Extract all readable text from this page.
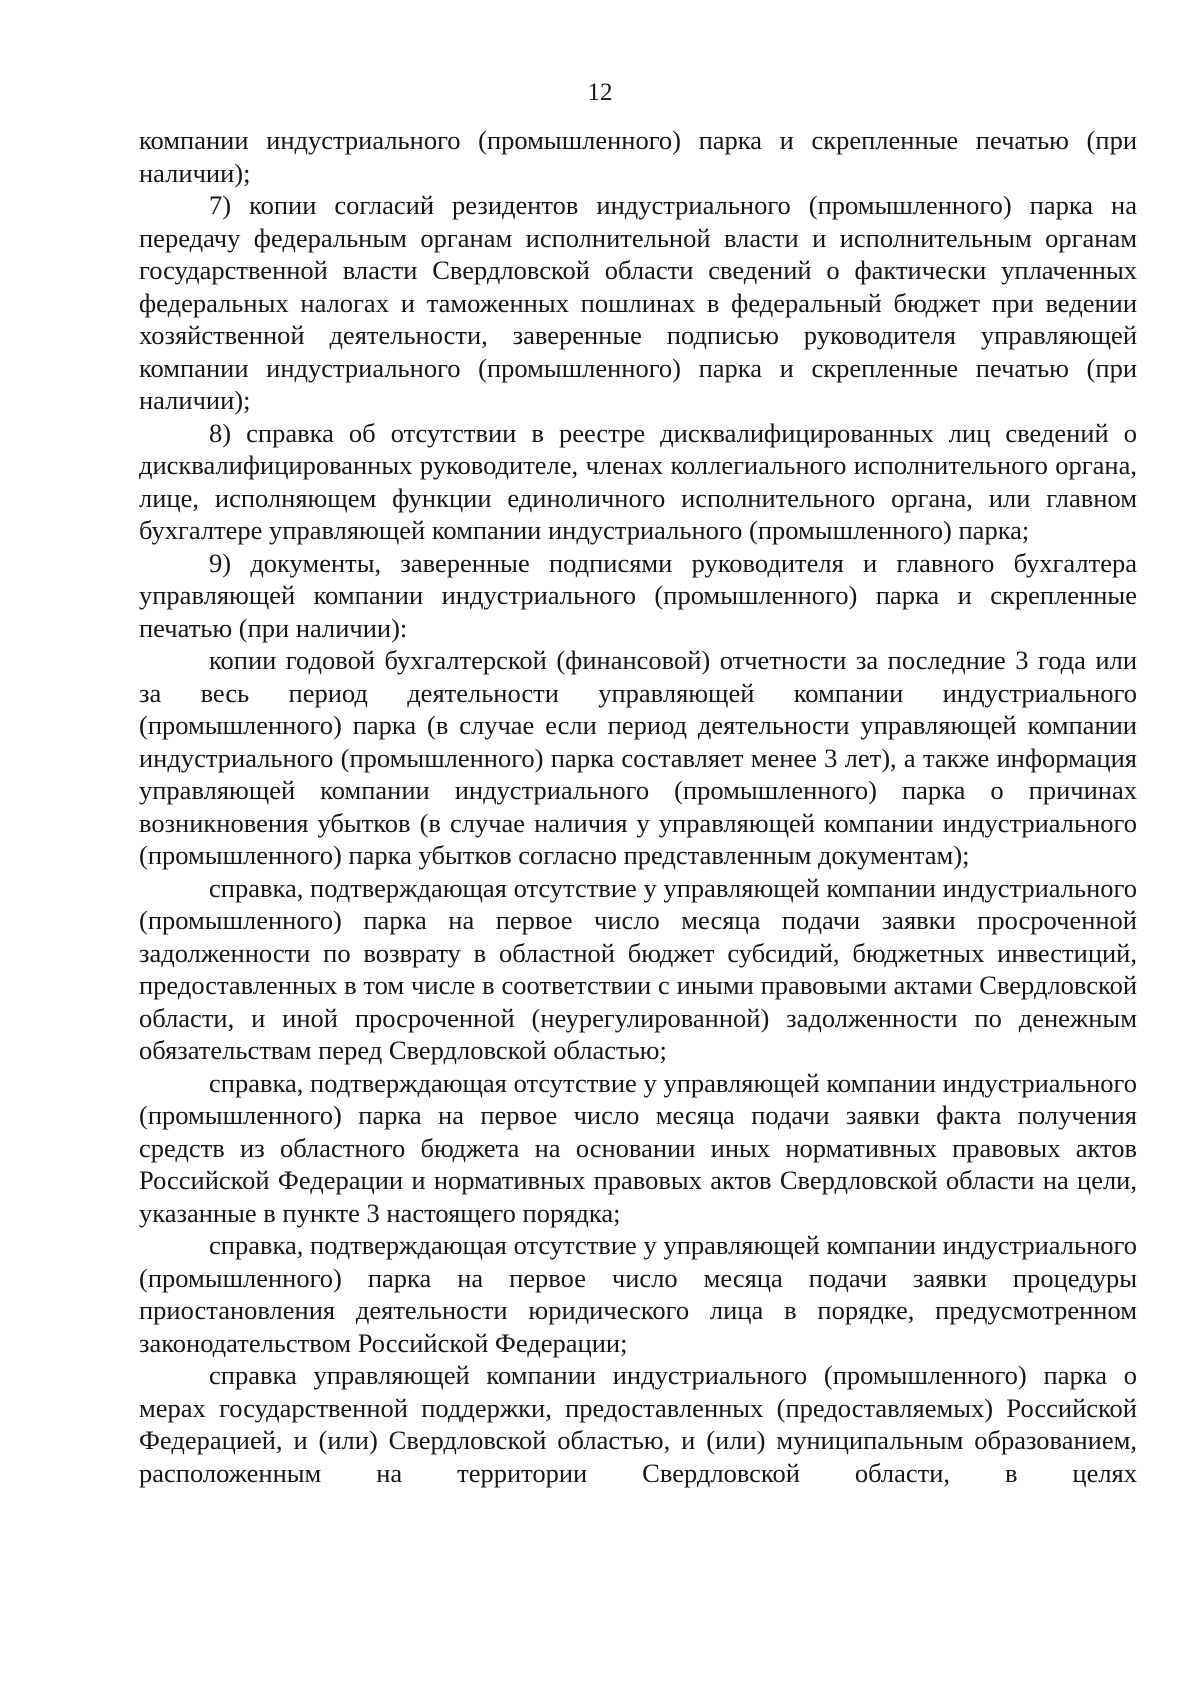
12

компании индустриального (промышленного) парка и скрепленные печатью (при наличии);

7) копии согласий резидентов индустриального (промышленного) парка на передачу федеральным органам исполнительной власти и исполнительным органам государственной власти Свердловской области сведений о фактически уплаченных федеральных налогах и таможенных пошлинах в федеральный бюджет при ведении хозяйственной деятельности, заверенные подписью руководителя управляющей компании индустриального (промышленного) парка и скрепленные печатью (при наличии);

8) справка об отсутствии в реестре дисквалифицированных лиц сведений о дисквалифицированных руководителе, членах коллегиального исполнительного органа, лице, исполняющем функции единоличного исполнительного органа, или главном бухгалтере управляющей компании индустриального (промышленного) парка;

9) документы, заверенные подписями руководителя и главного бухгалтера управляющей компании индустриального (промышленного) парка и скрепленные печатью (при наличии):

копии годовой бухгалтерской (финансовой) отчетности за последние 3 года или за весь период деятельности управляющей компании индустриального (промышленного) парка (в случае если период деятельности управляющей компании индустриального (промышленного) парка составляет менее 3 лет), а также информация управляющей компании индустриального (промышленного) парка о причинах возникновения убытков (в случае наличия у управляющей компании индустриального (промышленного) парка убытков согласно представленным документам);

справка, подтверждающая отсутствие у управляющей компании индустриального (промышленного) парка на первое число месяца подачи заявки просроченной задолженности по возврату в областной бюджет субсидий, бюджетных инвестиций, предоставленных в том числе в соответствии с иными правовыми актами Свердловской области, и иной просроченной (неурегулированной) задолженности по денежным обязательствам перед Свердловской областью;

справка, подтверждающая отсутствие у управляющей компании индустриального (промышленного) парка на первое число месяца подачи заявки факта получения средств из областного бюджета на основании иных нормативных правовых актов Российской Федерации и нормативных правовых актов Свердловской области на цели, указанные в пункте 3 настоящего порядка;

справка, подтверждающая отсутствие у управляющей компании индустриального (промышленного) парка на первое число месяца подачи заявки процедуры приостановления деятельности юридического лица в порядке, предусмотренном законодательством Российской Федерации;

справка управляющей компании индустриального (промышленного) парка о мерах государственной поддержки, предоставленных (предоставляемых) Российской Федерацией, и (или) Свердловской областью, и (или) муниципальным образованием, расположенным на территории Свердловской области, в целях
